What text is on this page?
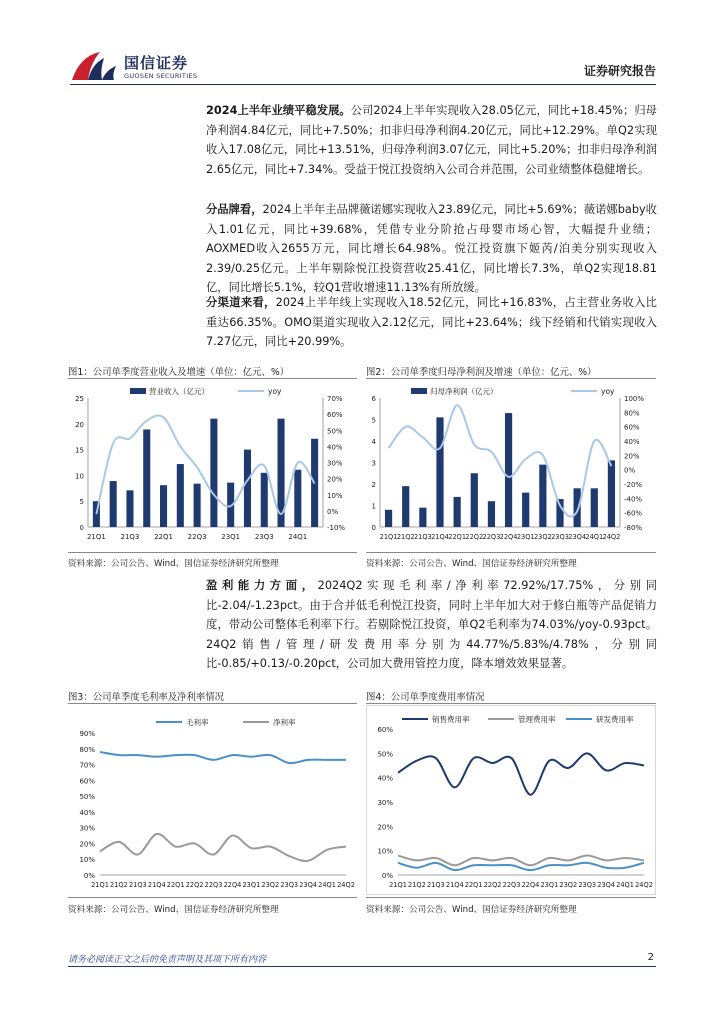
国信证券
GUOSEN SECURITIES	证券研究报告

2024上半年业绩平稳发展。公司2024上半年实现收入28.05亿元，同比+18.45%；归母净利润4.84亿元，同比+7.50%；扣非归母净利润4.20亿元，同比+12.29%。单Q2实现收入17.08亿元，同比+13.51%，归母净利润3.07亿元，同比+5.20%；扣非归母净利润2.65亿元，同比+7.34%。受益于悦江投资纳入公司合并范围，公司业绩整体稳健增长。

分品牌看，2024上半年主品牌薇诺娜实现收入23.89亿元，同比+5.69%；薇诺娜baby收入1.01亿元，同比+39.68%，凭借专业分阶抢占母婴市场心智，大幅提升业绩；AOXMED收入2655万元，同比增长64.98%。悦江投资旗下姬芮/泊美分别实现收入2.39/0.25亿元。上半年剔除悦江投资营收25.41亿，同比增长7.3%，单Q2实现18.81亿，同比增长5.1%，较Q1营收增速11.13%有所放缓。

分渠道来看，2024上半年线上实现收入18.52亿元，同比+16.83%，占主营业务收入比重达66.35%。OMO渠道实现收入2.12亿元，同比+23.64%；线下经销和代销实现收入7.27亿元，同比+20.99%。

图1：公司单季度营业收入及增速（单位：亿元、%）	图2：公司单季度归母净利润及增速（单位：亿元、%）
营业收入（亿元）	yoy
0
5
10
15
20
25
-10%
0%
10%
20%
30%
40%
50%
60%
70%
21Q1 21Q3 22Q1 22Q3 23Q1 23Q3 24Q1
归母净利润（亿元）	yoy
0
1
2
3
4
5
6
-80%
-60%
-40%
-20%
0%
20%
40%
60%
80%
100%
21Q1 21Q2 21Q3 21Q4 22Q1 22Q2 22Q3 22Q4 23Q1 23Q2 23Q3 23Q4 24Q1 24Q2
资料来源：公司公告、Wind、国信证券经济研究所整理	资料来源：公司公告、Wind、国信证券经济研究所整理

盈利能力方面，2024Q2实现毛利率/净利率72.92%/17.75%，分别同比-2.04/-1.23pct。由于合并低毛利悦江投资，同时上半年加大对于修白瓶等产品促销力度，带动公司整体毛利率下行。若剔除悦江投资，单Q2毛利率为74.03%/yoy-0.93pct。24Q2销售/管理/研发费用率分别为44.77%/5.83%/4.78%，分别同比-0.85/+0.13/-0.20pct，公司加大费用管控力度，降本增效效果显著。

图3：公司单季度毛利率及净利率情况	图4：公司单季度费用率情况
毛利率	净利率
0%
10%
20%
30%
40%
50%
60%
70%
80%
90%
21Q1 21Q2 21Q3 21Q4 22Q1 22Q2 22Q3 22Q4 23Q1 23Q2 23Q3 23Q4 24Q1 24Q2
销售费用率	管理费用率	研发费用率
0%
10%
20%
30%
40%
50%
60%
21Q1 21Q2 21Q3 21Q4 22Q1 22Q2 22Q3 22Q4 23Q1 23Q2 23Q3 23Q4 24Q1 24Q2
资料来源：公司公告、Wind、国信证券经济研究所整理	资料来源：公司公告、Wind、国信证券经济研究所整理
请务必阅读正文之后的免责声明及其项下所有内容	2
